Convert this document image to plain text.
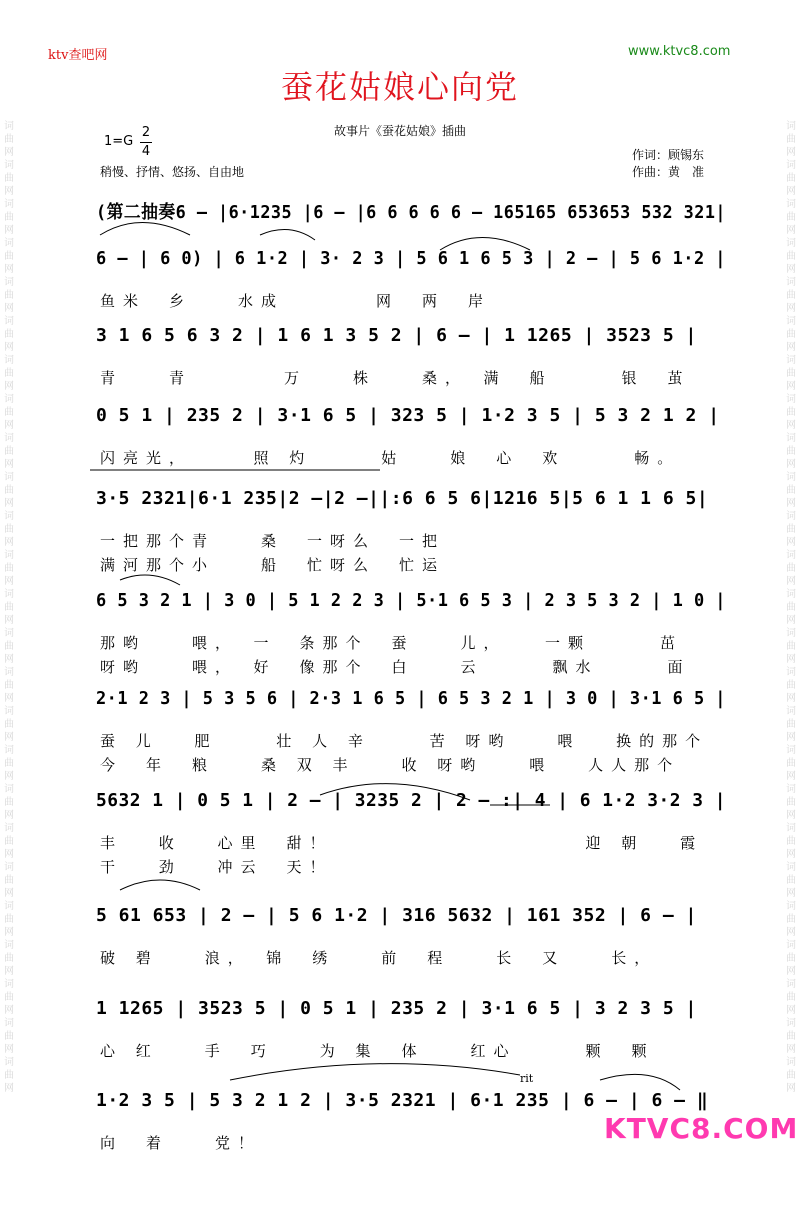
ktv查吧网	www.ktvc8.com
蚕花姑娘心向党
故事片《蚕花姑娘》插曲
1=G
2
4
稍慢、抒情、悠扬、自由地
作词：顾锡东
作曲：黄　准
词曲网词曲网词曲网词曲网词曲网词曲网词曲网词曲网词曲网词曲网词曲网词曲网词曲网词曲网词曲网词曲网词曲网词曲网词曲网词曲网词曲网词曲网词曲网词曲网词曲网
词曲网词曲网词曲网词曲网词曲网词曲网词曲网词曲网词曲网词曲网词曲网词曲网词曲网词曲网词曲网词曲网词曲网词曲网词曲网词曲网词曲网词曲网词曲网词曲网词曲网
(第二抽奏6 – |6·1235 |6 – |6 6 6 6 6 – 165165 653653 532 321|
6 – | 6 0) | 6 1·2 | 3· 2 3 | 5 6 1 6 5 3 | 2 – | 5 6 1·2 |
鱼米　乡　　水成　　　　网　两　岸
3 1 6 5 6 3 2 | 1 6 1 3 5 2 | 6 – | 1 1265 | 3523 5 |
青　　青　　　　万　　株　　桑，　满　船　　　银　茧
0 5 1 | 235 2 | 3·1 6 5 | 323 5 | 1·2 3 5 | 5 3 2 1 2 |
闪亮光，　　　照 灼　　　姑　　娘　心　欢　　　畅。
3·5 2321|6·1 235|2 –|2 –||:6 6 5 6|1216 5|5 6 1 1 6 5|
一把那个青　　桑　一呀么　一把
满河那个小　　船　忙呀么　忙运
6 5 3 2 1 | 3 0 | 5 1 2 2 3 | 5·1 6 5 3 | 2 3 5 3 2 | 1 0 |
那哟　　喂，　一　条那个　蚕　　儿，　　一颗　　　茁
呀哟　　喂，　好　像那个　白　　云　　　飘水　　　面
2·1 2 3 | 5 3 5 6 | 2·3 1 6 5 | 6 5 3 2 1 | 3 0 | 3·1 6 5 |
蚕 儿　 肥　　 壮 人 辛　　 苦 呀哟　　喂　 换的那个
今　年　粮　　桑 双 丰　　收 呀哟　　喂　 人人那个
5632 1 | 0 5 1 | 2 – | 3235 2 | 2 – :| 4 | 6 1·2 3·2 3 |
丰　 收　 心里　甜！　　　　　　　　　　　迎 朝　 霞
干　 劲　 冲云　天！
5 61 653 | 2 – | 5 6 1·2 | 316 5632 | 161 352 | 6 – |
破 碧　　浪，　锦　绣　　前　程　　长　又　　长，
1 1265 | 3523 5 | 0 5 1 | 235 2 | 3·1 6 5 | 3 2 3 5 |
心 红　　手　巧　　为 集　体　　红心　　　颗　颗
1·2 3 5 | 5 3 2 1 2 | 3·5 2321 | 6·1 235 | 6 – | 6 – ‖
向　着　　党！
rit
KTVC8.COM
